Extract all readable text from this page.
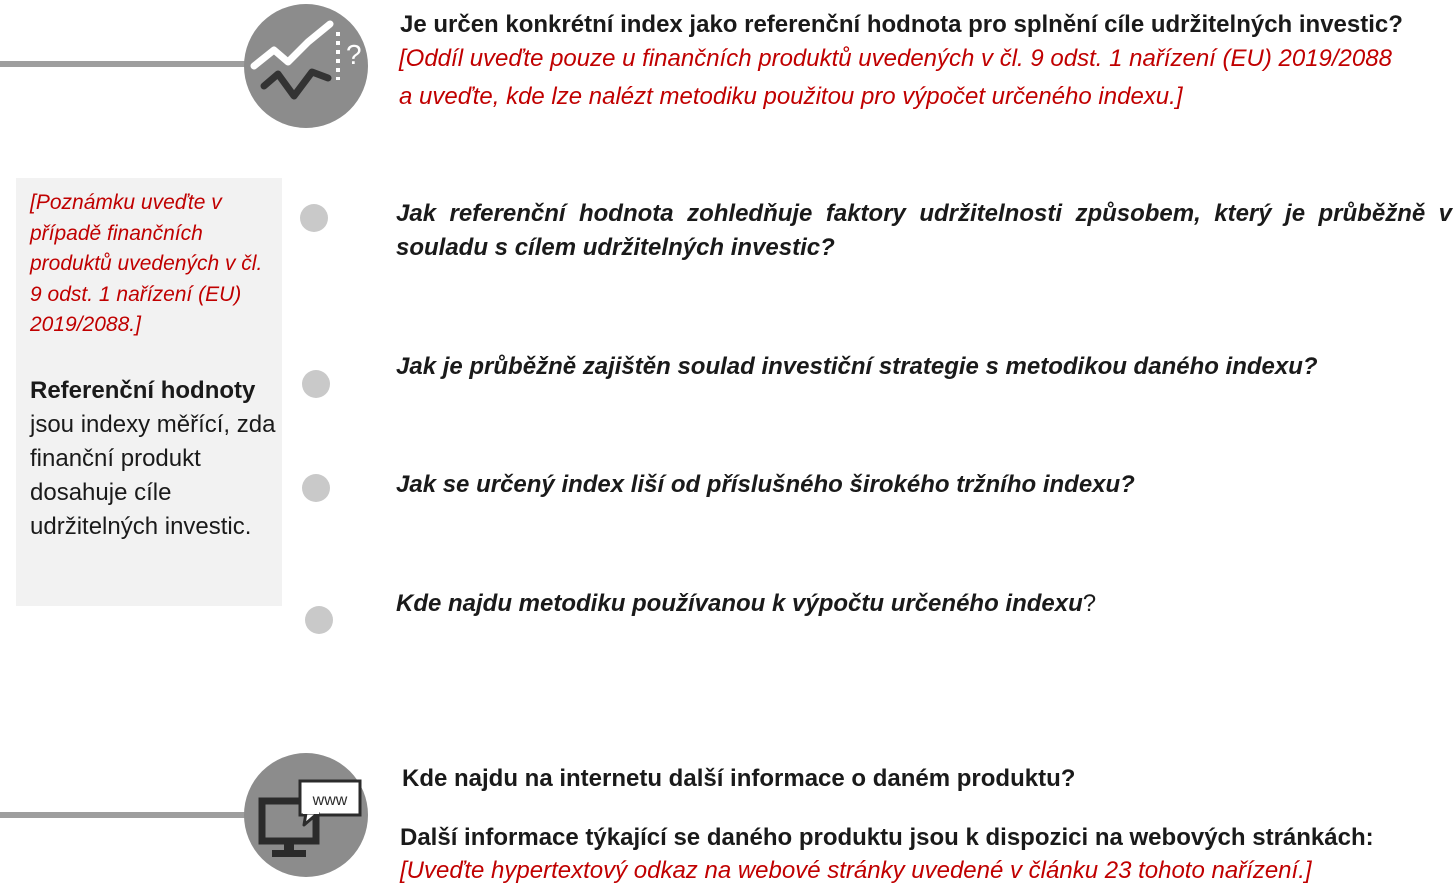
?
Je určen konkrétní index jako referenční hodnota pro splnění cíle udržitelných investic?
[Oddíl uveďte pouze u finančních produktů uvedených v čl. 9 odst. 1 nařízení (EU) 2019/2088
a uveďte, kde lze nalézt metodiku použitou pro výpočet určeného indexu.]
[Poznámku uveďte v případě finančních produktů uvedených v čl. 9 odst. 1 nařízení (EU) 2019/2088.]
Referenční hodnoty jsou indexy měřící, zda finanční produkt dosahuje cíle udržitelných investic.
Jak referenční hodnota zohledňuje faktory udržitelnosti způsobem, který je průběžně v souladu s cílem udržitelných investic?
Jak je průběžně zajištěn soulad investiční strategie s metodikou daného indexu?
Jak se určený index liší od příslušného širokého tržního indexu?
Kde najdu metodiku používanou k výpočtu určeného indexu?
www
Kde najdu na internetu další informace o daném produktu?
Další informace týkající se daného produktu jsou k dispozici na webových stránkách:
[Uveďte hypertextový odkaz na webové stránky uvedené v článku 23 tohoto nařízení.]
